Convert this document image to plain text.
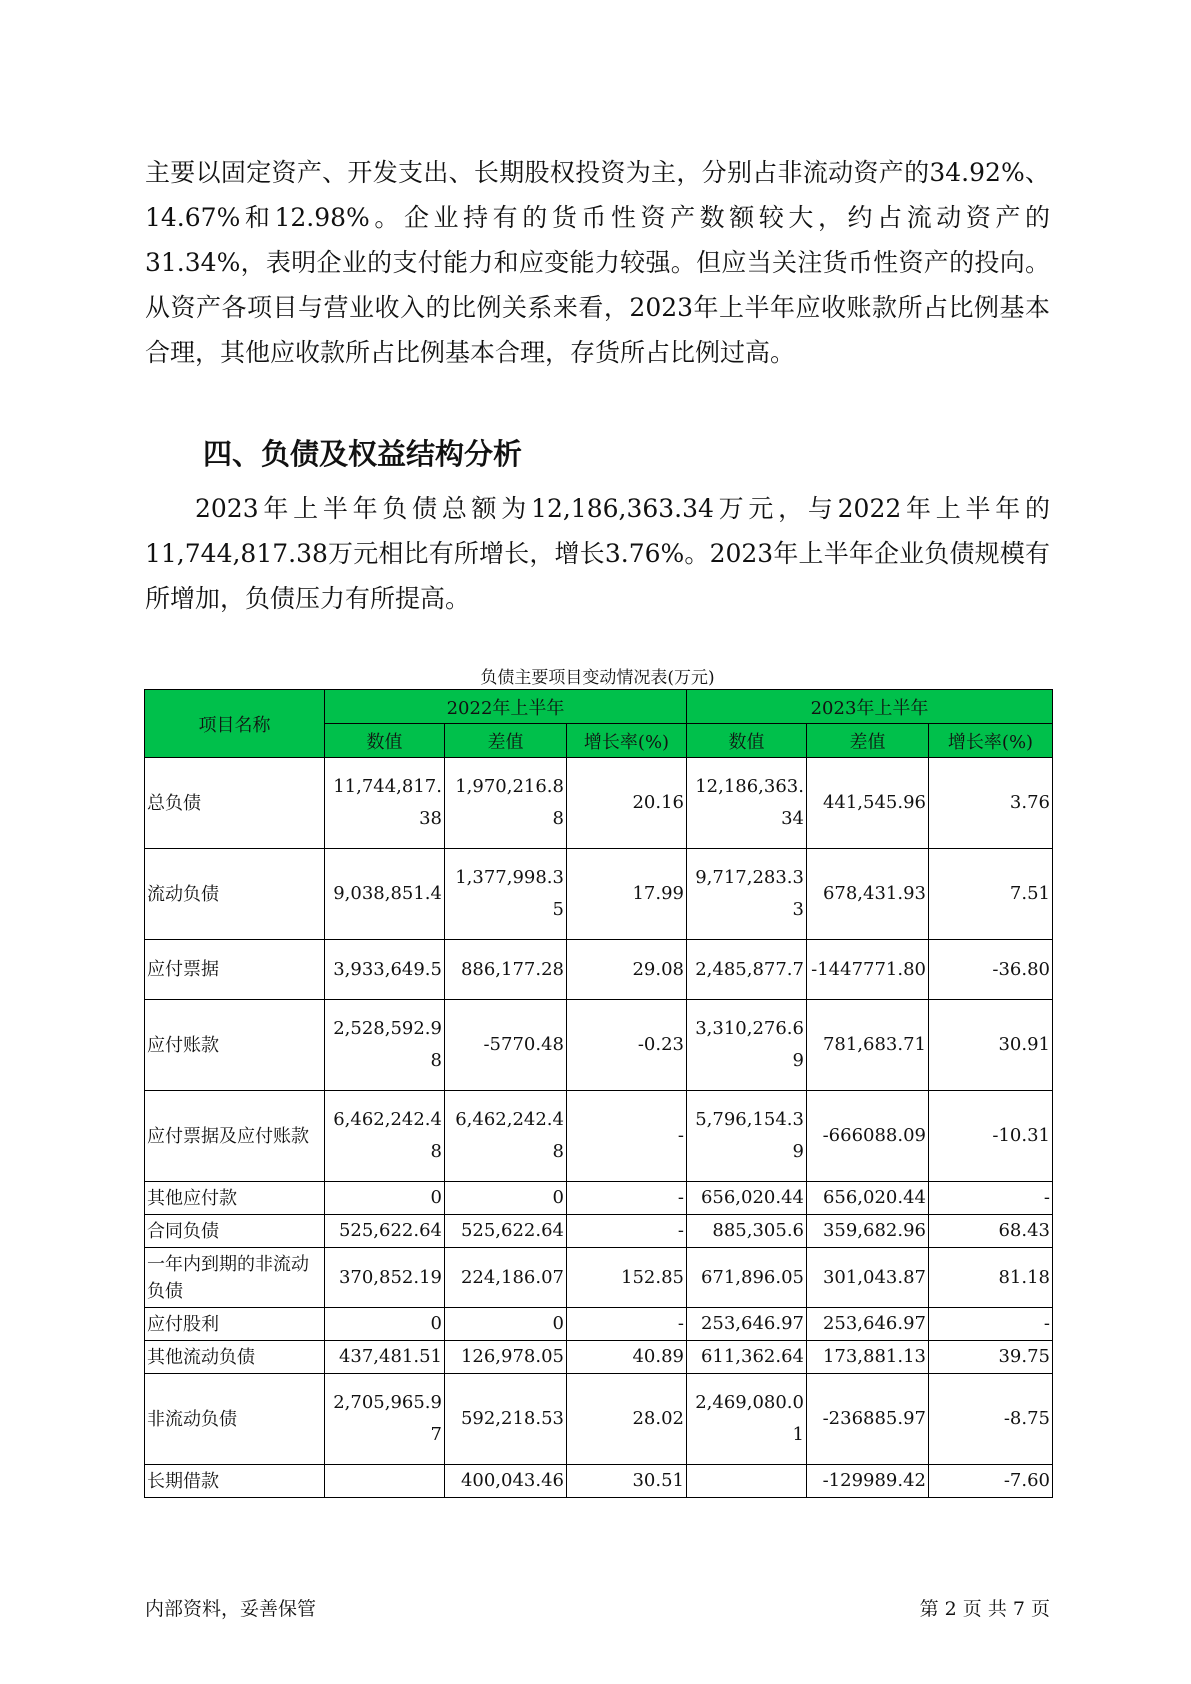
主要以固定资产、开发支出、长期股权投资为主，分别占非流动资产的34.92%、14.67%和12.98%。企业持有的货币性资产数额较大，约占流动资产的31.34%，表明企业的支付能力和应变能力较强。但应当关注货币性资产的投向。从资产各项目与营业收入的比例关系来看，2023年上半年应收账款所占比例基本合理，其他应收款所占比例基本合理，存货所占比例过高。

四、负债及权益结构分析

2023年上半年负债总额为12,186,363.34万元，与2022年上半年的11,744,817.38万元相比有所增长，增长3.76%。2023年上半年企业负债规模有所增加，负债压力有所提高。

负债主要项目变动情况表(万元)
项目名称	2022年上半年			2023年上半年		
	数值	差值	增长率(%)	数值	差值	增长率(%)
总负债	11,744,817.38	1,970,216.88	20.16	12,186,363.34	441,545.96	3.76
流动负债	9,038,851.4	1,377,998.35	17.99	9,717,283.33	678,431.93	7.51
应付票据	3,933,649.5	886,177.28	29.08	2,485,877.7	-1447771.80	-36.80
应付账款	2,528,592.98	-5770.48	-0.23	3,310,276.69	781,683.71	30.91
应付票据及应付账款	6,462,242.48	6,462,242.48	-	5,796,154.39	-666088.09	-10.31
其他应付款	0	0	-	656,020.44	656,020.44	-
合同负债	525,622.64	525,622.64	-	885,305.6	359,682.96	68.43
一年内到期的非流动负债	370,852.19	224,186.07	152.85	671,896.05	301,043.87	81.18
应付股利	0	0	-	253,646.97	253,646.97	-
其他流动负债	437,481.51	126,978.05	40.89	611,362.64	173,881.13	39.75
非流动负债	2,705,965.97	592,218.53	28.02	2,469,080.01	-236885.97	-8.75
长期借款		400,043.46	30.51		-129989.42	-7.60
内部资料，妥善保管	第 2 页 共 7 页
